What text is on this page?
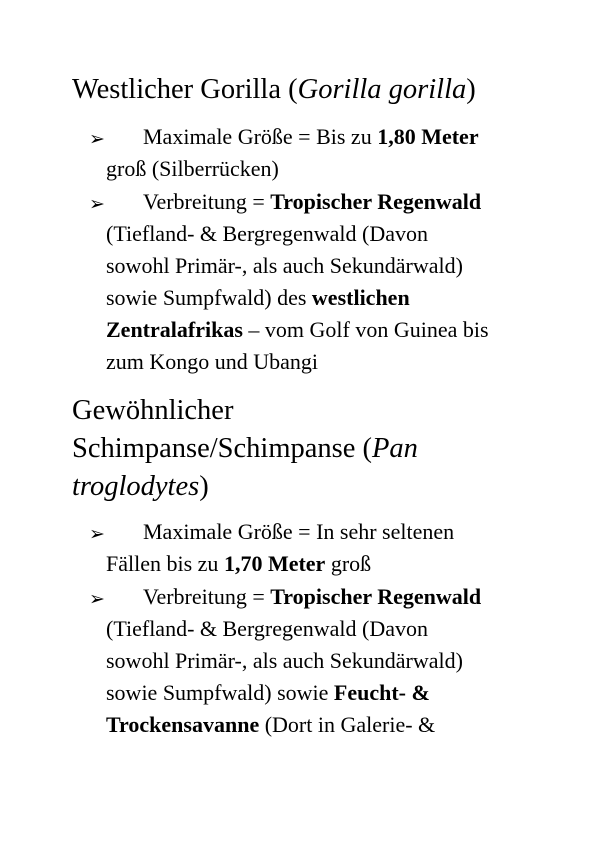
Westlicher Gorilla (Gorilla gorilla)
➢ Maximale Größe = Bis zu 1,80 Meter

groß (Silberrücken)

➢ Verbreitung = Tropischer Regenwald

(Tiefland- & Bergregenwald (Davon

sowohl Primär-, als auch Sekundärwald)

sowie Sumpfwald) des westlichen

Zentralafrikas – vom Golf von Guinea bis

zum Kongo und Ubangi

Gewöhnlicher
Schimpanse/Schimpanse (Pan
troglodytes)
➢ Maximale Größe = In sehr seltenen

Fällen bis zu 1,70 Meter groß

➢ Verbreitung = Tropischer Regenwald

(Tiefland- & Bergregenwald (Davon

sowohl Primär-, als auch Sekundärwald)

sowie Sumpfwald) sowie Feucht- &

Trockensavanne (Dort in Galerie- &
